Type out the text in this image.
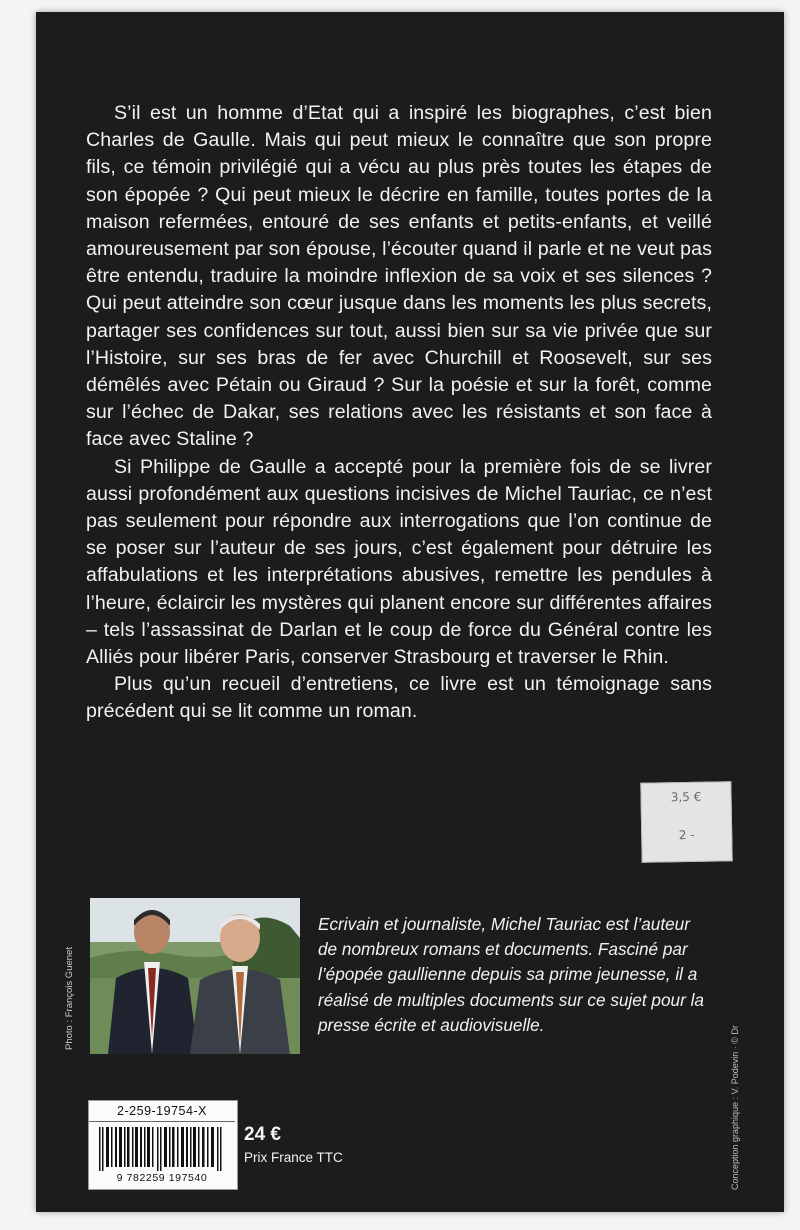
S’il est un homme d’Etat qui a inspiré les biographes, c’est bien Charles de Gaulle. Mais qui peut mieux le connaître que son propre fils, ce témoin privilégié qui a vécu au plus près toutes les étapes de son épopée ? Qui peut mieux le décrire en famille, toutes portes de la maison refermées, entouré de ses enfants et petits-enfants, et veillé amoureusement par son épouse, l’écouter quand il parle et ne veut pas être entendu, traduire la moindre inflexion de sa voix et ses silences ? Qui peut atteindre son cœur jusque dans les moments les plus secrets, partager ses confidences sur tout, aussi bien sur sa vie privée que sur l’Histoire, sur ses bras de fer avec Churchill et Roosevelt, sur ses démêlés avec Pétain ou Giraud ? Sur la poésie et sur la forêt, comme sur l’échec de Dakar, ses relations avec les résistants et son face à face avec Staline ?

Si Philippe de Gaulle a accepté pour la première fois de se livrer aussi profondément aux questions incisives de Michel Tauriac, ce n’est pas seulement pour répondre aux interrogations que l’on continue de se poser sur l’auteur de ses jours, c’est également pour détruire les affabulations et les interprétations abusives, remettre les pendules à l’heure, éclaircir les mystères qui planent encore sur différentes affaires – tels l’assassinat de Darlan et le coup de force du Général contre les Alliés pour libérer Paris, conserver Strasbourg et traverser le Rhin.

Plus qu’un recueil d’entretiens, ce livre est un témoignage sans précédent qui se lit comme un roman.

3,5 €
2 -
Photo : François Guenet
Ecrivain et journaliste, Michel Tauriac est l’auteur de nombreux romans et documents. Fasciné par l’épopée gaullienne depuis sa prime jeunesse, il a réalisé de multiples documents sur ce sujet pour la presse écrite et audiovisuelle.
Conception graphique : V. Podevin · © Dr
2-259-19754-X
9 782259 197540
24 €
Prix France TTC
